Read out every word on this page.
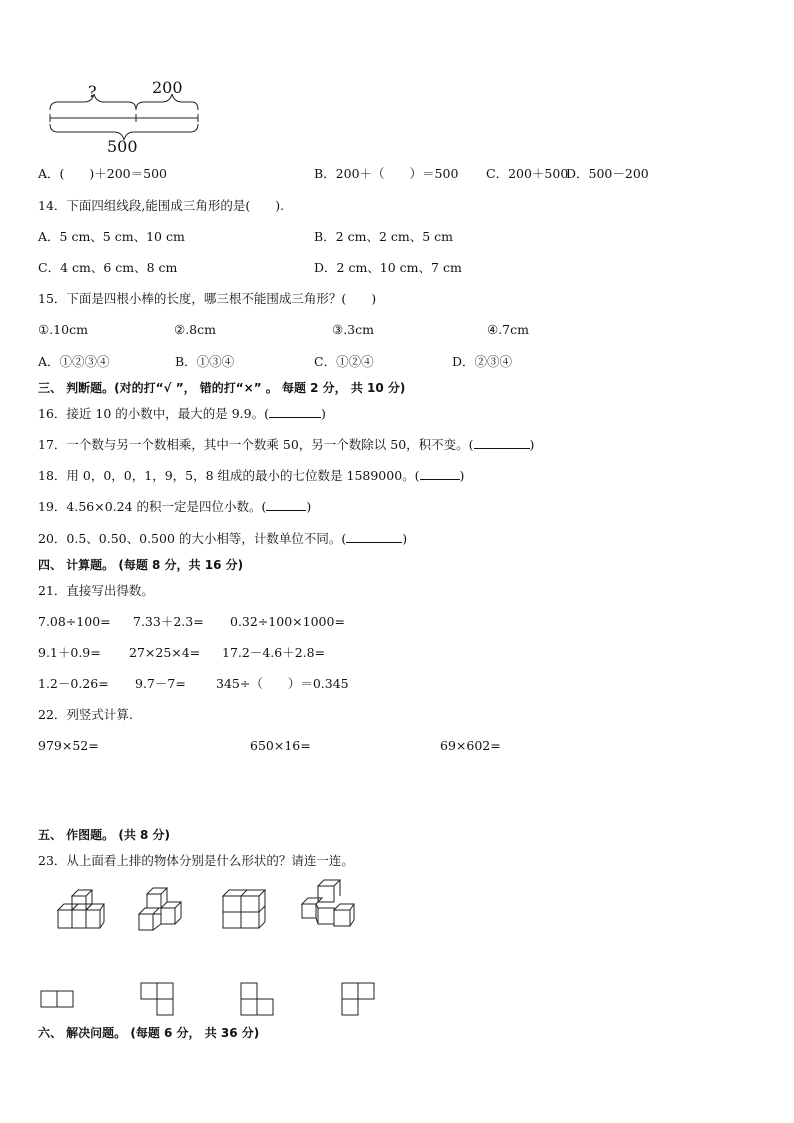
?	200
500
A．(　　)＋200＝500	B．200＋（　　）＝500 C．200＋500
D．500－200
14．下面四组线段,能围成三角形的是(　　).
A．5 cm、5 cm、10 cm	B．2 cm、2 cm、5 cm
C．4 cm、6 cm、8 cm	D．2 cm、10 cm、7 cm
15．下面是四根小棒的长度，哪三根不能围成三角形？(　　)
①.10cm	②.8cm	③.3cm	④.7cm
A．①②③④	B．①③④	C．①②④	D．②③④
三、 判断题。(对的打“√ ”， 错的打“×” 。 每题 2 分， 共 10 分)
16．接近 10 的小数中，最大的是 9.9。(	)
17．一个数与另一个数相乘，其中一个数乘 50，另一个数除以 50，积不变。(	)
18．用 0，0，0，1，9，5，8 组成的最小的七位数是 1589000。(	)
19．4.56×0.24 的积一定是四位小数。(	)
20．0.5、0.50、0.500 的大小相等，计数单位不同。(	)
四、 计算题。 (每题 8 分，共 16 分)
21．直接写出得数。
7.08÷100= 7.33＋2.3= 0.32÷100×1000=
9.1＋0.9= 27×25×4= 17.2－4.6＋2.8=
1.2－0.26= 9.7－7= 345÷（　　）＝0.345
22．列竖式计算.
979×52=	650×16=	69×602=
五、 作图题。 (共 8 分)
23．从上面看上排的物体分别是什么形状的？请连一连。
六、 解决问题。 (每题 6 分， 共 36 分)
